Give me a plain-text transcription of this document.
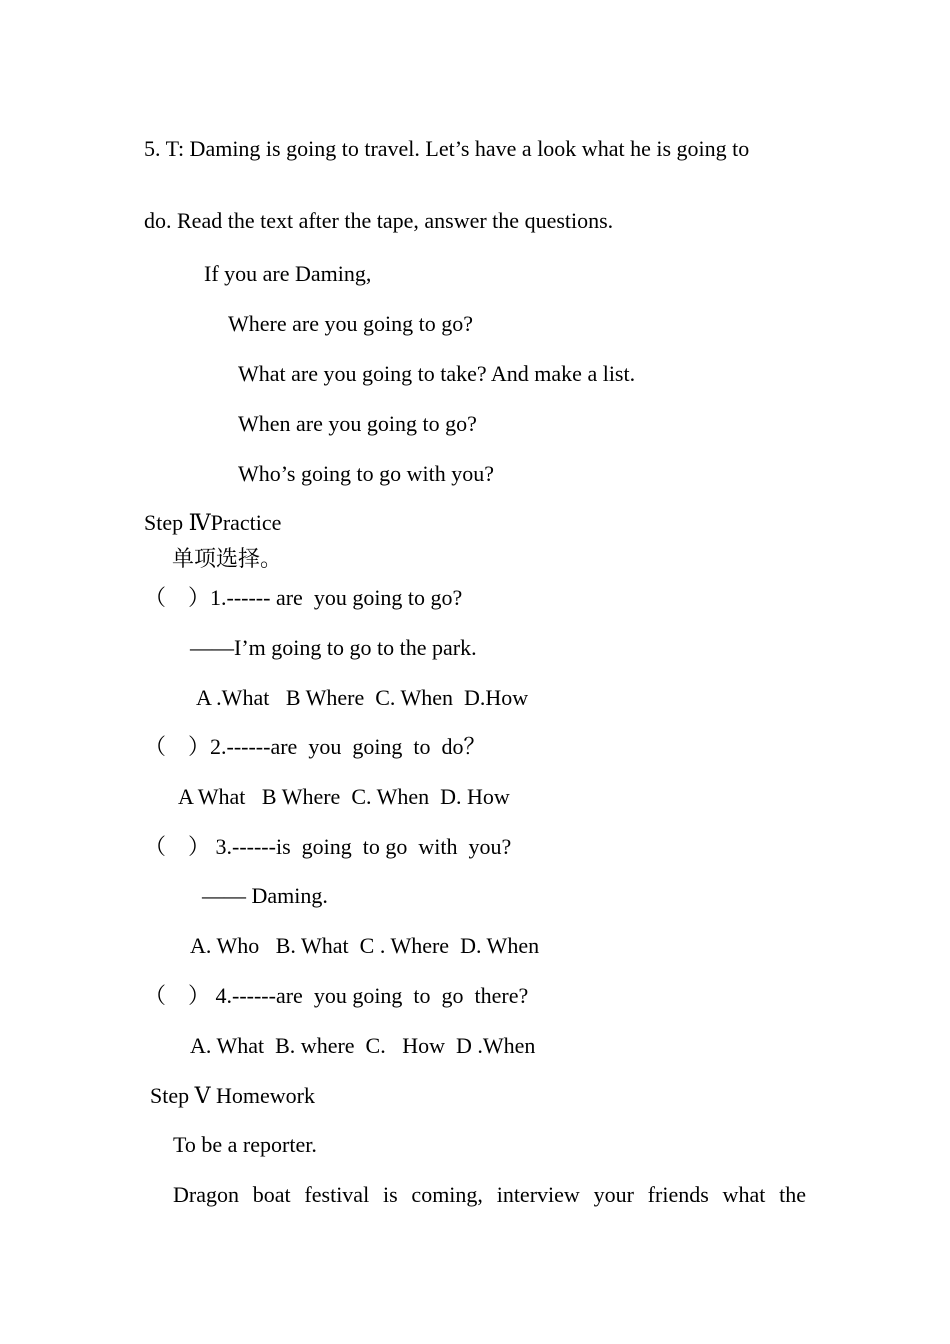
5. T: Daming is going to travel. Let’s have a look what he is going to

do. Read the text after the tape, answer the questions.

If you are Daming,

Where are you going to go?

What are you going to take? And make a list.

When are you going to go?

Who’s going to go with you?

Step ⅣPractice

单项选择。

（　）1.------ are  you going to go?

——I’m going to go to the park.

A .What   B Where  C. When  D.How

（　）2.------are  you  going  to  do？

A What   B Where  C. When  D. How

（　） 3.------is  going  to go  with  you?

—— Daming.

A. Who   B. What  C . Where  D. When

（　） 4.------are  you going  to  go  there?

A. What  B. where  C.   How  D .When

Step Ⅴ Homework

To be a reporter.

Dragon boat festival is coming, interview your friends what the
